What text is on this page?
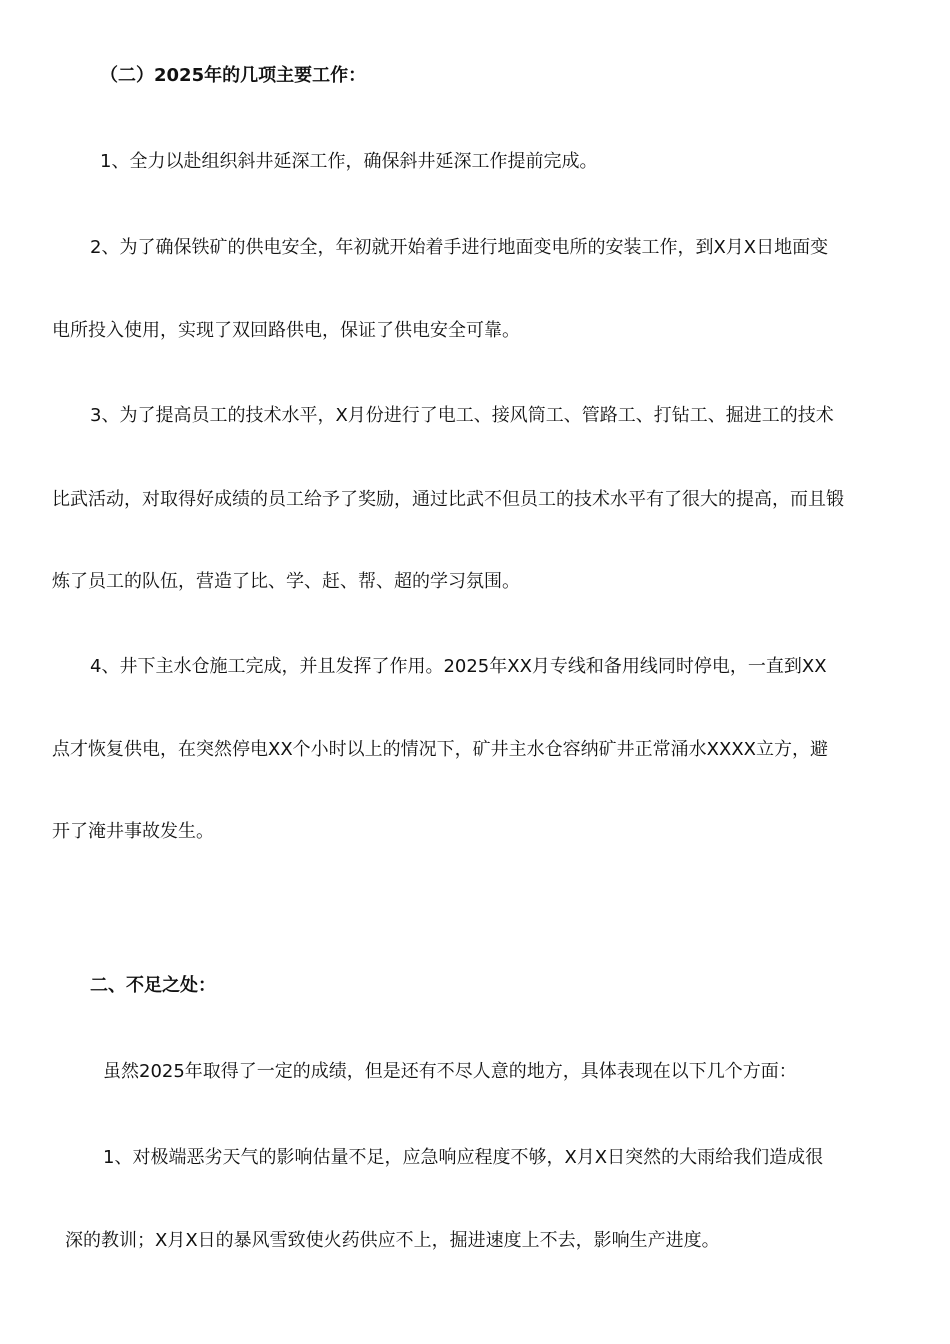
（二）2025年的几项主要工作：
1、全力以赴组织斜井延深工作，确保斜井延深工作提前完成。
2、为了确保铁矿的供电安全，年初就开始着手进行地面变电所的安装工作，到X月X日地面变
电所投入使用，实现了双回路供电，保证了供电安全可靠。
3、为了提高员工的技术水平，X月份进行了电工、接风筒工、管路工、打钻工、掘进工的技术
比武活动，对取得好成绩的员工给予了奖励，通过比武不但员工的技术水平有了很大的提高，而且锻
炼了员工的队伍，营造了比、学、赶、帮、超的学习氛围。
4、井下主水仓施工完成，并且发挥了作用。2025年XX月专线和备用线同时停电，一直到XX
点才恢复供电，在突然停电XX个小时以上的情况下，矿井主水仓容纳矿井正常涌水XXXX立方，避
开了淹井事故发生。
二、不足之处：
虽然2025年取得了一定的成绩，但是还有不尽人意的地方，具体表现在以下几个方面：
1、对极端恶劣天气的影响估量不足，应急响应程度不够，X月X日突然的大雨给我们造成很
深的教训；X月X日的暴风雪致使火药供应不上，掘进速度上不去，影响生产进度。
